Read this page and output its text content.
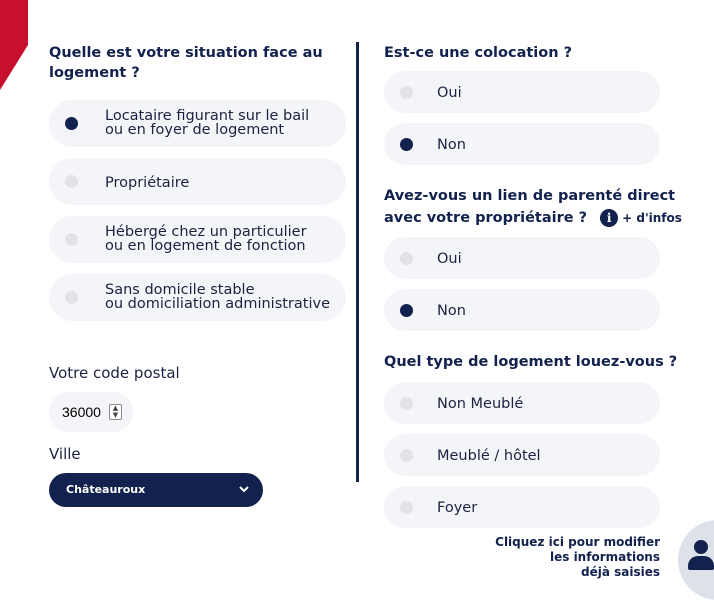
Quelle est votre situation face au
logement ?
Locataire figurant sur le bail
ou en foyer de logement
Propriétaire
Hébergé chez un particulier
ou en logement de fonction
Sans domicile stable
ou domiciliation administrative
Votre code postal
36000	▲
▼
Ville
Châteauroux
Est-ce une colocation ?
Oui
Non
Avez-vous un lien de parenté direct
avec votre propriétaire ? i + d'infos
Oui
Non
Quel type de logement louez-vous ?
Non Meublé
Meublé / hôtel
Foyer
Cliquez ici pour modifier
les informations
déjà saisies
